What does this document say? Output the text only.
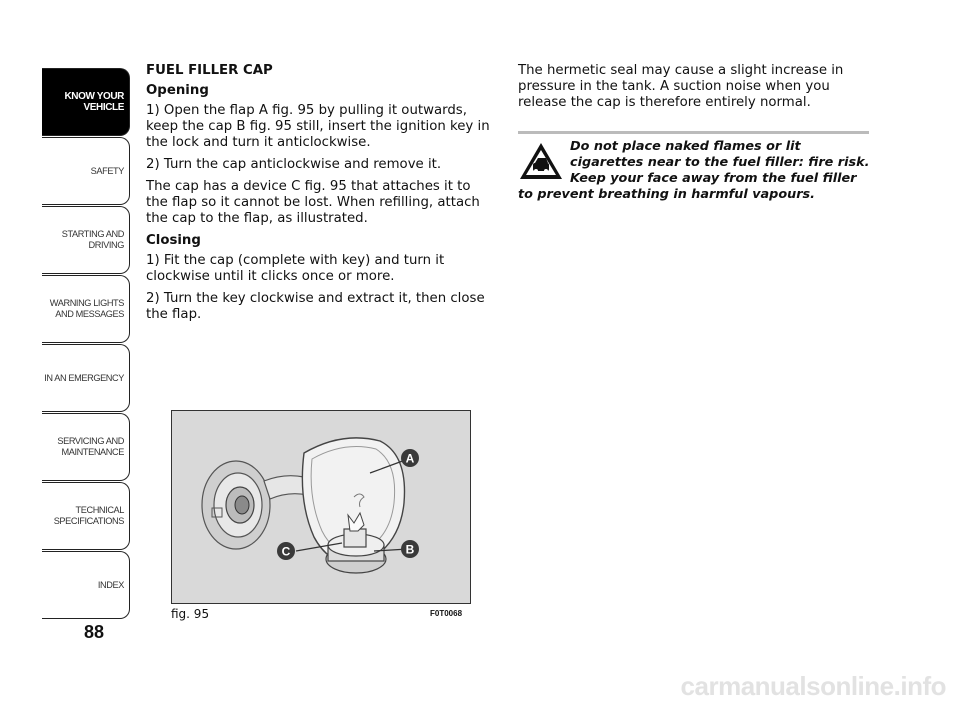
KNOW YOUR
VEHICLE
SAFETY
STARTING AND
DRIVING
WARNING LIGHTS
AND MESSAGES
IN AN EMERGENCY
SERVICING AND
MAINTENANCE
TECHNICAL
SPECIFICATIONS
INDEX
88

FUEL FILLER CAP

Opening

1) Open the flap A fig. 95 by pulling it outwards, keep the cap B fig. 95 still, insert the ignition key in the lock and turn it anticlockwise.

2) Turn the cap anticlockwise and remove it.

The cap has a device C fig. 95 that attaches it to the flap so it cannot be lost. When refilling, attach the cap to the flap, as illustrated.

Closing

1) Fit the cap (complete with key) and turn it clockwise until it clicks once or more.

2) Turn the key clockwise and extract it, then close the flap.

The hermetic seal may cause a slight increase in pressure in the tank. A suction noise when you release the cap is therefore entirely normal.

Do not place naked flames or lit
cigarettes near to the fuel filler: fire risk.
Keep your face away from the fuel filler
to prevent breathing in harmful vapours.
A
B
C
fig. 95	F0T0068
carmanualsonline.info
